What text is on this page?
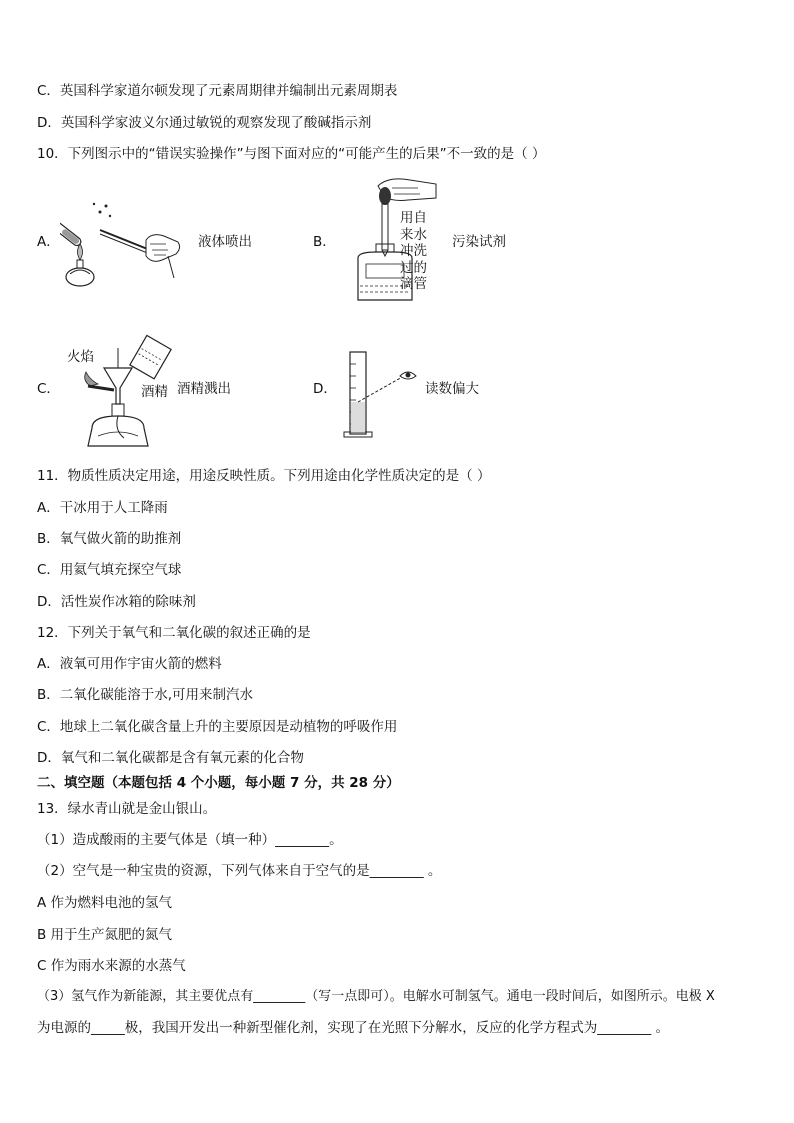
C．英国科学家道尔顿发现了元素周期律并编制出元素周期表
D．英国科学家波义尔通过敏锐的观察发现了酸碱指示剂
10．下列图示中的“错误实验操作”与图下面对应的“可能产生的后果”不一致的是（ ）
A．	液体喷出	B．
用自来水冲洗过的滴管
污染试剂
C．
火焰
酒精 酒精溅出	D．	读数偏大
11．物质性质决定用途，用途反映性质。下列用途由化学性质决定的是（ ）
A．干冰用于人工降雨
B．氧气做火箭的助推剂
C．用氦气填充探空气球
D．活性炭作冰箱的除味剂
12．下列关于氧气和二氧化碳的叙述正确的是
A．液氧可用作宇宙火箭的燃料
B．二氧化碳能溶于水,可用来制汽水
C．地球上二氧化碳含量上升的主要原因是动植物的呼吸作用
D．氧气和二氧化碳都是含有氧元素的化合物
二、填空题（本题包括 4 个小题，每小题 7 分，共 28 分）
13．绿水青山就是金山银山。
（1）造成酸雨的主要气体是（填一种）________。
（2）空气是一种宝贵的资源，下列气体来自于空气的是________ 。
A 作为燃料电池的氢气
B 用于生产氮肥的氮气
C 作为雨水来源的水蒸气
（3）氢气作为新能源，其主要优点有________（写一点即可）。电解水可制氢气。通电一段时间后，如图所示。电极 X
为电源的_____极，我国开发出一种新型催化剂，实现了在光照下分解水，反应的化学方程式为________ 。
